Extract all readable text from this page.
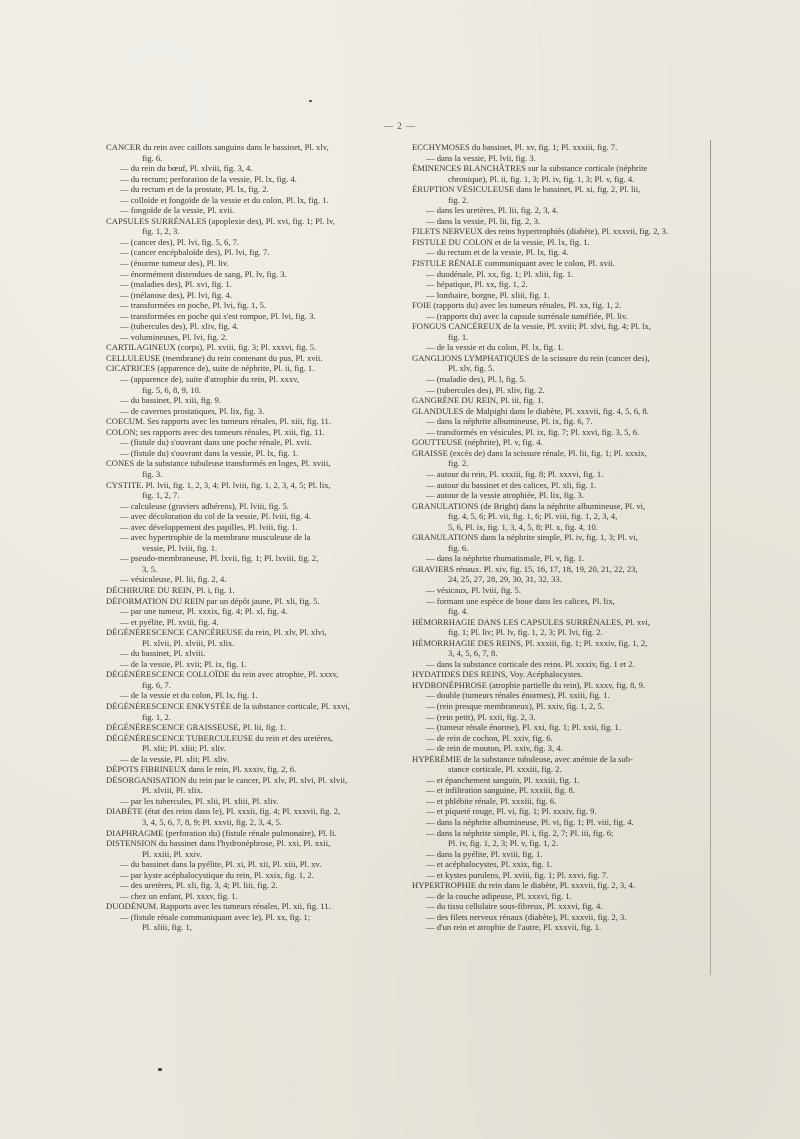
— 2 —
CANCER du rein avec caillots sanguins dans le bassinet, Pl. xlv,
fig. 6.
— du rein du bœuf, Pl. xlviii, fig. 3, 4.
— du rectum; perforation de la vessie, Pl. lx, fig. 4.
— du rectum et de la prostate, Pl. lx, fig. 2.
— colloïde et fongoïde de la vessie et du colon, Pl. lx, fig. 1.
— fongoïde de la vessie, Pl. xvii.
CAPSULES SURRÉNALES (apoplexie des), Pl. xvi, fig. 1; Pl. lv,
fig. 1, 2, 3.
— (cancer des), Pl. lvi, fig. 5, 6, 7.
— (cancer encéphaloïde des), Pl. lvi, fig. 7.
— (énorme tumeur des), Pl. liv.
— énormément distendues de sang, Pl. lv, fig. 3.
— (maladies des), Pl. xvi, fig. 1.
— (mélanose des), Pl. lvi, fig. 4.
— transformées en poche, Pl. lvi, fig. 1, 5.
— transformées en poche qui s'est rompue, Pl. lvi, fig. 3.
— (tubercules des), Pl. xliv, fig. 4.
— volumineuses, Pl. lvi, fig. 2.
CARTILAGINEUX (corps), Pl. xviii, fig. 3; Pl. xxxvi, fig. 5.
CELLULEUSE (membrane) du rein contenant du pus, Pl. xvii.
CICATRICES (apparence de), suite de néphrite, Pl. ii, fig. 1.
— (apparence de), suite d'atrophie du rein, Pl. xxxv,
fig. 5, 6, 8, 9, 10.
— du bassinet, Pl. xiii, fig. 9.
— de cavernes prostatiques, Pl. lix, fig. 3.
COECUM. Ses rapports avec les tumeurs rénales, Pl. xiii, fig. 11.
COLON; ses rapports avec des tumeurs rénales, Pl. xiii, fig. 11.
— (fistule du) s'ouvrant dans une poche rénale, Pl. xvii.
— (fistule du) s'ouvrant dans la vessie, Pl. lx, fig. 1.
CONES de la substance tubuleuse transformés en loges, Pl. xviii,
fig. 3.
CYSTITE. Pl. lvii, fig. 1, 2, 3, 4; Pl. lviii, fig. 1, 2, 3, 4, 5; Pl. lix,
fig. 1, 2, 7.
— calculeuse (graviers adhérens), Pl. lviii, fig. 5.
— avec décoloration du col de la vessie, Pl. lviii, fig. 4.
— avec développement des papilles, Pl. lviii, fig. 1.
— avec hypertrophie de la membrane musculeuse de la
vessie, Pl. lviii, fig. 1.
— pseudo-membraneuse, Pl. lxvii, fig. 1; Pl. lxviii, fig. 2,
3, 5.
— vésiculeuse, Pl. lii, fig. 2, 4.
DÉCHIRURE DU REIN, Pl. i, fig. 1.
DÉFORMATION DU REIN par un dépôt jaune, Pl. xli, fig. 5.
— par une tumeur, Pl. xxxix, fig. 4; Pl. xl, fig. 4.
— et pyélite, Pl. xviii, fig. 4.
DÉGÉNÉRESCENCE CANCÉREUSE du rein, Pl. xlv, Pl. xlvi,
Pl. xlvii, Pl. xlviii, Pl. xlix.
— du bassinet, Pl. xlviii.
— de la vessie, Pl. xvii; Pl. ix, fig. 1.
DÉGÉNÉRESCENCE COLLOÏDE du rein avec atrophie, Pl. xxxv,
fig. 6, 7.
— de la vessie et du colon, Pl. lx, fig. 1.
DÉGÉNÉRESCENCE ENKYSTÉE de la substance corticale, Pl. xxvi,
fig. 1, 2.
DÉGÉNÉRESCENCE GRAISSEUSE, Pl. lii, fig. 1.
DÉGÉNÉRESCENCE TUBERCULEUSE du rein et des uretères,
Pl. xlii; Pl. xliii; Pl. xliv.
— de la vessie, Pl. xlii; Pl. xliv.
DÉPOTS FIBRINEUX dans le rein, Pl. xxxiv, fig. 2, 6.
DÉSORGANISATION du rein par le cancer, Pl. xlv, Pl. xlvi, Pl. xlvii,
Pl. xlviii, Pl. xlix.
— par les tubercules, Pl. xlii, Pl. xliii, Pl. xliv.
DIABÈTE (état des reins dans le), Pl. xxxii, fig. 4; Pl. xxxvii, fig. 2,
3, 4, 5, 6, 7, 8, 9; Pl. xxvii, fig. 2, 3, 4, 5.
DIAPHRAGME (perforation du) (fistule rénale pulmonaire), Pl. li.
DISTENSION du bassinet dans l'hydronéphrose, Pl. xxi, Pl. xxii,
Pl. xxiii, Pl. xxiv.
— du bassinet dans la pyélite, Pl. xi, Pl. xii, Pl. xiii, Pl. xv.
— par kyste acéphalocystique du rein, Pl. xxix, fig. 1, 2.
— des uretères, Pl. xli, fig. 3, 4; Pl. liii, fig. 2.
— chez un enfant, Pl. xxxv, fig. 1.
DUODÉNUM. Rapports avec les tumeurs rénales, Pl. xii, fig. 11.
— (fistule rénale communiquant avec le), Pl. xx, fig. 1;
Pl. xliii, fig. 1,
ECCHYMOSES du bassinet, Pl. xv, fig. 1; Pl. xxxiii, fig. 7.
— dans la vessie, Pl. lvii, fig. 3.
ÉMINENCES BLANCHÂTRES sur la substance corticale (néphrite
chronique), Pl. ii, fig. 1, 3; Pl. iv, fig. 1, 3; Pl. v, fig. 4.
ÉRUPTION VÉSICULEUSE dans le bassinet, Pl. xi, fig. 2, Pl. lii,
fig. 2.
— dans les uretères, Pl. lii, fig. 2, 3, 4.
— dans la vessie, Pl. lii, fig. 2, 3.
FILETS NERVEUX des reins hypertrophiés (diabète), Pl. xxxvii, fig. 2, 3.
FISTULE DU COLON et de la vessie, Pl. lx, fig. 1.
— du rectum et de la vessie, Pl. lx, fig. 4.
FISTULE RÉNALE communiquant avec le colon, Pl. xvii.
— duodénale, Pl. xx, fig. 1; Pl. xliii, fig. 1.
— hépatique, Pl. xx, fig. 1, 2.
— lombaire, borgne, Pl. xliii, fig. 1.
FOIE (rapports du) avec les tumeurs rénales, Pl. xx, fig. 1, 2.
— (rapports du) avec la capsule surrénale tuméfiée, Pl. liv.
FONGUS CANCÉREUX de la vessie, Pl. xviii; Pl. xlvi, fig. 4; Pl. lx,
fig. 1.
— de la vessie et du colon, Pl. lx, fig. 1.
GANGLIONS LYMPHATIQUES de la scissure du rein (cancer des),
Pl. xlv, fig. 5.
— (maladie des), Pl. l, fig. 5.
— (tubercules des), Pl. xliv, fig. 2.
GANGRÈNE DU REIN, Pl. iii, fig. 1.
GLANDULES de Malpighi dans le diabète, Pl. xxxvii, fig. 4, 5, 6, 8.
— dans la néphrite albumineuse, Pl. ix, fig. 6, 7.
— transformés en vésicules, Pl. ix, fig. 7; Pl. xxvi, fig. 3, 5, 6.
GOUTTEUSE (néphrite), Pl. v, fig. 4.
GRAISSE (excès de) dans la scissure rénale, Pl. lii, fig. 1; Pl. xxxix,
fig. 2.
— autour du rein, Pl. xxxiii, fig. 8; Pl. xxxvi, fig. 1.
— autour du bassinet et des calices, Pl. xli, fig. 1.
— autour de la vessie atrophiée, Pl. lix, fig. 3.
GRANULATIONS (de Bright) dans la néphrite albumineuse, Pl. vi,
fig. 4, 5, 6; Pl. vii, fig. 1, 6; Pl. viii, fig. 1, 2, 3, 4,
5, 6, Pl. ix, fig. 1, 3, 4, 5, 8; Pl. x, fig. 4, 10.
GRANULATIONS dans la néphrite simple, Pl. iv, fig. 1, 3; Pl. vi,
fig. 6.
— dans la néphrite rhumatismale, Pl. v, fig. 1.
GRAVIERS rénaux. Pl. xiv, fig. 15, 16, 17, 18, 19, 20, 21, 22, 23,
24, 25, 27, 28, 29, 30, 31, 32, 33.
— vésicaux, Pl. lviii, fig. 5.
— formant une espèce de boue dans les calices, Pl. lix,
fig. 4.
HÉMORRHAGIE DANS LES CAPSULES SURRÉNALES, Pl. xvi,
fig. 1; Pl. liv; Pl. lv, fig. 1, 2, 3; Pl. lvi, fig. 2.
HÉMORRHAGIE DES REINS, Pl. xxxiii, fig. 1; Pl. xxxiv, fig. 1, 2,
3, 4, 5, 6, 7, 8.
— dans la substance corticale des reins. Pl. xxxiv, fig. 1 et 2.
HYDATIDES DES REINS, Voy. Acéphalocystes.
HYDRONÉPHROSE (atrophie partielle du rein), Pl. xxxv, fig. 8, 9.
— double (tumeurs rénales énormes), Pl. xxiii, fig. 1.
— (rein presque membraneux), Pl. xxiv, fig. 1, 2, 5.
— (rein petit), Pl. xxii, fig. 2, 3.
— (tumeur rénale énorme), Pl. xxi, fig. 1; Pl. xxii, fig. 1.
— de rein de cochon, Pl. xxiv, fig. 6.
— de rein de mouton, Pl. xxiv, fig. 3, 4.
HYPÉRÉMIE de la substance tubuleuse, avec anémie de la sub-
stance corticale, Pl. xxxiii, fig. 2.
— et épanchement sanguin, Pl. xxxiii, fig. 1.
— et infiltration sanguine, Pl. xxxiii, fig. 8.
— et phlébite rénale, Pl. xxxiii, fig. 6.
— et piqueté rouge, Pl. vi, fig. 1; Pl. xxxiv, fig. 9.
— dans la néphrite albumineuse, Pl. vi, fig. 1; Pl. viii, fig. 4.
— dans la néphrite simple, Pl. i, fig. 2, 7; Pl. iii, fig. 6;
Pl. iv, fig. 1, 2, 3; Pl. v, fig. 1, 2.
— dans la pyélite, Pl. xviii, fig. 1.
— et acéphalocystes, Pl. xxix, fig. 1.
— et kystes purulens, Pl. xviii, fig. 1; Pl. xxvi, fig. 7.
HYPERTROPHIE du rein dans le diabète, Pl. xxxvii, fig. 2, 3, 4.
— de la couche adipeuse, Pl. xxxvi, fig. 1.
— du tissu cellulaire sous-fibreux, Pl. xxxvi, fig. 4.
— des filets nerveux rénaux (diabète), Pl. xxxvii, fig. 2, 3.
— d'un rein et atrophie de l'autre, Pl. xxxvii, fig. 1.
